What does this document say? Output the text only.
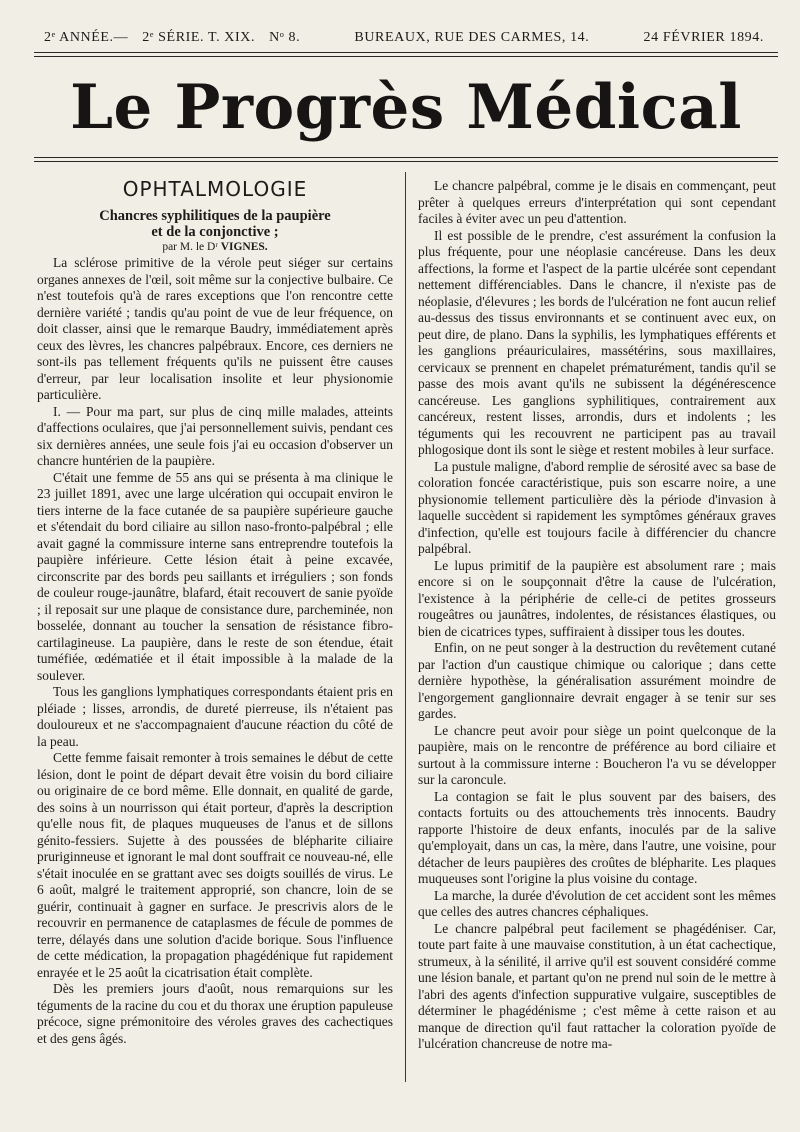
2ᵉ ANNÉE.— 2ᵉ SÉRIE. T. XIX. Nᵒ 8.	BUREAUX, RUE DES CARMES, 14.	24 FÉVRIER 1894.
Le Progrès Médical
OPHTALMOLOGIE
Chancres syphilitiques de la paupière
et de la conjonctive ;
par M. le Dʳ VIGNES.

La sclérose primitive de la vérole peut siéger sur certains organes annexes de l'œil, soit même sur la conjective bulbaire. Ce n'est toutefois qu'à de rares exceptions que l'on rencontre cette dernière variété ; tandis qu'au point de vue de leur fréquence, on doit classer, ainsi que le remarque Baudry, immédiatement après ceux des lèvres, les chancres palpébraux. Encore, ces derniers ne sont-ils pas tellement fréquents qu'ils ne puissent être causes d'erreur, par leur localisation insolite et leur physionomie particulière.

I. — Pour ma part, sur plus de cinq mille malades, atteints d'affections oculaires, que j'ai personnellement suivis, pendant ces six dernières années, une seule fois j'ai eu occasion d'observer un chancre huntérien de la paupière.

C'était une femme de 55 ans qui se présenta à ma clinique le 23 juillet 1891, avec une large ulcération qui occupait environ le tiers interne de la face cutanée de sa paupière supérieure gauche et s'étendait du bord ciliaire au sillon naso-fronto-palpébral ; elle avait gagné la commissure interne sans entreprendre toutefois la paupière inférieure. Cette lésion était à peine excavée, circonscrite par des bords peu saillants et irréguliers ; son fonds de couleur rouge-jaunâtre, blafard, était recouvert de sanie pyoïde ; il reposait sur une plaque de consistance dure, parcheminée, non bosselée, donnant au toucher la sensation de résistance fibro-cartilagineuse. La paupière, dans le reste de son étendue, était tuméfiée, œdématiée et il était impossible à la malade de la soulever.

Tous les ganglions lymphatiques correspondants étaient pris en pléiade ; lisses, arrondis, de dureté pierreuse, ils n'étaient pas douloureux et ne s'accompagnaient d'aucune réaction du côté de la peau.

Cette femme faisait remonter à trois semaines le début de cette lésion, dont le point de départ devait être voisin du bord ciliaire ou originaire de ce bord même. Elle donnait, en qualité de garde, des soins à un nourrisson qui était porteur, d'après la description qu'elle nous fit, de plaques muqueuses de l'anus et de sillons génito-fessiers. Sujette à des poussées de blépharite ciliaire pruriginneuse et ignorant le mal dont souffrait ce nouveau-né, elle s'était inoculée en se grattant avec ses doigts souillés de virus. Le 6 août, malgré le traitement approprié, son chancre, loin de se guérir, continuait à gagner en surface. Je prescrivis alors de le recouvrir en permanence de cataplasmes de fécule de pommes de terre, délayés dans une solution d'acide borique. Sous l'influence de cette médication, la propagation phagédénique fut rapidement enrayée et le 25 août la cicatrisation était complète.

Dès les premiers jours d'août, nous remarquions sur les téguments de la racine du cou et du thorax une éruption papuleuse précoce, signe prémonitoire des véroles graves des cachectiques et des gens âgés.

Le chancre palpébral, comme je le disais en commençant, peut prêter à quelques erreurs d'interprétation qui sont cependant faciles à éviter avec un peu d'attention.

Il est possible de le prendre, c'est assurément la confusion la plus fréquente, pour une néoplasie cancéreuse. Dans les deux affections, la forme et l'aspect de la partie ulcérée sont cependant nettement différenciables. Dans le chancre, il n'existe pas de néoplasie, d'élevures ; les bords de l'ulcération ne font aucun relief au-dessus des tissus environnants et se continuent avec eux, on peut dire, de plano. Dans la syphilis, les lymphatiques efférents et les ganglions préauriculaires, massétérins, sous maxillaires, cervicaux se prennent en chapelet prématurément, tandis qu'il se passe des mois avant qu'ils ne subissent la dégénérescence cancéreuse. Les ganglions syphilitiques, contrairement aux cancéreux, restent lisses, arrondis, durs et indolents ; les téguments qui les recouvrent ne participent pas au travail phlogosique dont ils sont le siège et restent mobiles à leur surface.

La pustule maligne, d'abord remplie de sérosité avec sa base de coloration foncée caractéristique, puis son escarre noire, a une physionomie tellement particulière dès la période d'invasion à laquelle succèdent si rapidement les symptômes généraux graves d'infection, qu'elle est toujours facile à différencier du chancre palpébral.

Le lupus primitif de la paupière est absolument rare ; mais encore si on le soupçonnait d'être la cause de l'ulcération, l'existence à la périphérie de celle-ci de petites grosseurs rougeâtres ou jaunâtres, indolentes, de résistances élastiques, ou bien de cicatrices types, suffiraient à dissiper tous les doutes.

Enfin, on ne peut songer à la destruction du revêtement cutané par l'action d'un caustique chimique ou calorique ; dans cette dernière hypothèse, la généralisation assurément moindre de l'engorgement ganglionnaire devrait engager à se tenir sur ses gardes.

Le chancre peut avoir pour siège un point quelconque de la paupière, mais on le rencontre de préférence au bord ciliaire et surtout à la commissure interne : Boucheron l'a vu se développer sur la caroncule.

La contagion se fait le plus souvent par des baisers, des contacts fortuits ou des attouchements très innocents. Baudry rapporte l'histoire de deux enfants, inoculés par de la salive qu'employait, dans un cas, la mère, dans l'autre, une voisine, pour détacher de leurs paupières des croûtes de blépharite. Les plaques muqueuses sont l'origine la plus voisine du contage.

La marche, la durée d'évolution de cet accident sont les mêmes que celles des autres chancres céphaliques.

Le chancre palpébral peut facilement se phagédéniser. Car, toute part faite à une mauvaise constitution, à un état cachectique, strumeux, à la sénilité, il arrive qu'il est souvent considéré comme une lésion banale, et partant qu'on ne prend nul soin de le mettre à l'abri des agents d'infection suppurative vulgaire, susceptibles de déterminer le phagédénisme ; c'est même à cette raison et au manque de direction qu'il faut rattacher la coloration pyoïde de l'ulcération chancreuse de notre ma-
